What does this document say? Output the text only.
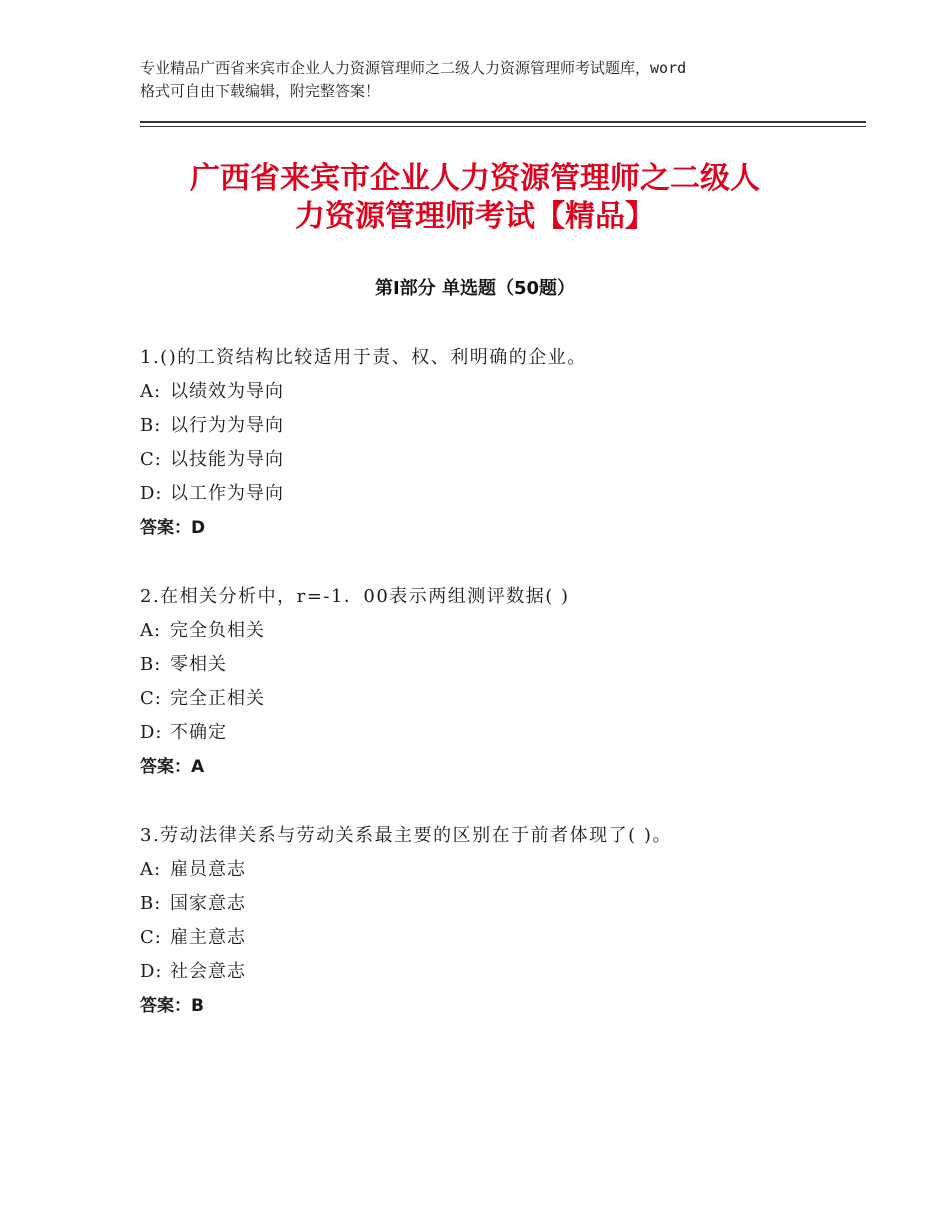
专业精品广西省来宾市企业人力资源管理师之二级人力资源管理师考试题库，word
格式可自由下载编辑，附完整答案！
广西省来宾市企业人力资源管理师之二级人
力资源管理师考试【精品】
第Ⅰ部分 单选题（50题）
1.()的工资结构比较适用于责、权、利明确的企业。
A: 以绩效为导向
B: 以行为为导向
C: 以技能为导向
D: 以工作为导向
答案：D
2.在相关分析中，r=-1．00表示两组测评数据( )
A: 完全负相关
B: 零相关
C: 完全正相关
D: 不确定
答案：A
3.劳动法律关系与劳动关系最主要的区别在于前者体现了( )。
A: 雇员意志
B: 国家意志
C: 雇主意志
D: 社会意志
答案：B
